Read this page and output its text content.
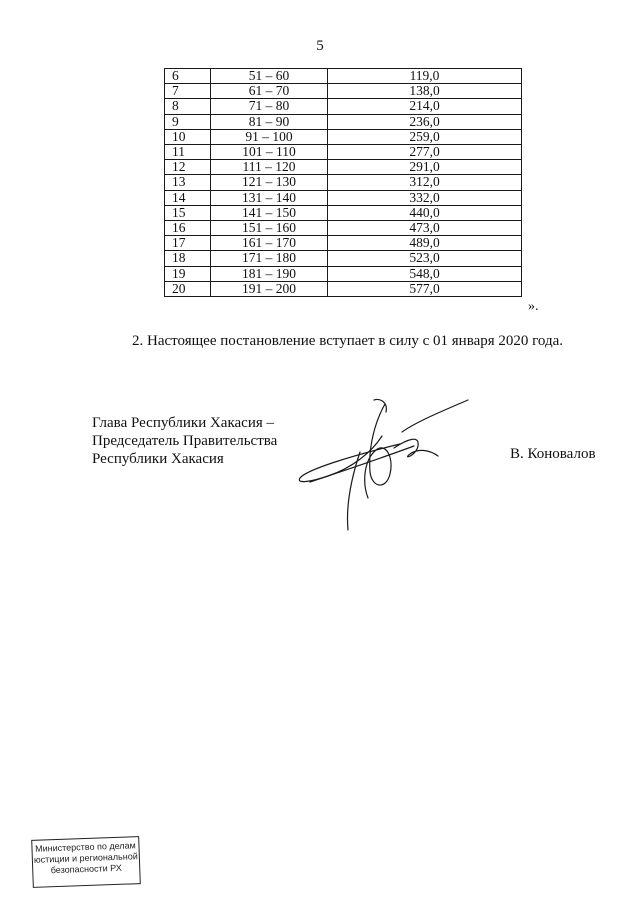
5
6	51 – 60	119,0
7	61 – 70	138,0
8	71 – 80	214,0
9	81 – 90	236,0
10	91 – 100	259,0
11	101 – 110	277,0
12	111 – 120	291,0
13	121 – 130	312,0
14	131 – 140	332,0
15	141 – 150	440,0
16	151 – 160	473,0
17	161 – 170	489,0
18	171 – 180	523,0
19	181 – 190	548,0
20	191 – 200	577,0
».
2. Настоящее постановление вступает в силу с 01 января 2020 года.
Глава Республики Хакасия –
Председатель Правительства
Республики Хакасия	В. Коновалов
Министерство по делам
юстиции и региональной
безопасности РХ
